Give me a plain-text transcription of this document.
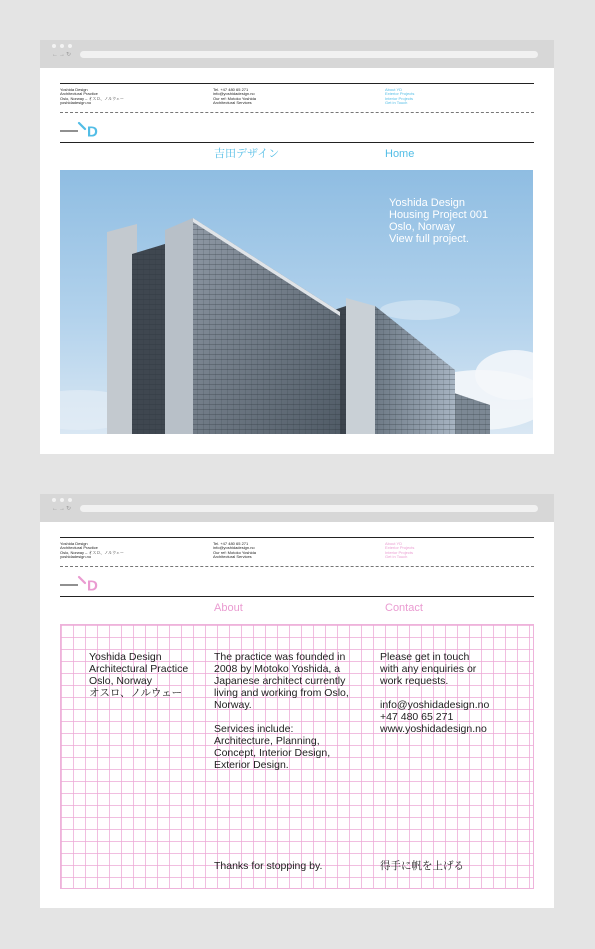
←→↻
Yoshida Design
Architectural Practice
Oslo, Norway – オスロ、ノルウェー
yoshidadesign.no
Tel. +47 480 65 271
info@yoshidadesign.no
Our ref: Motoko Yoshida
Architectural Services
About YD
Exterior Projects
Interior Projects
Get in Touch
D
吉田デザイン	Home
Yoshida Design
Housing Project 001
Oslo, Norway
View full project.
←→↻
Yoshida Design
Architectural Practice
Oslo, Norway – オスロ、ノルウェー
yoshidadesign.no
Tel. +47 480 65 271
info@yoshidadesign.no
Our ref: Motoko Yoshida
Architectural Services
About YD
Exterior Projects
Interior Projects
Get in Touch
D
About	Contact
Yoshida Design
Architectural Practice
Oslo, Norway
オスロ、ノルウェー
The practice was founded in
2008 by Motoko Yoshida, a
Japanese architect currently
living and working from Oslo,
Norway.
Services include:
Architecture, Planning,
Concept, Interior Design,
Exterior Design.
Please get in touch
with any enquiries or
work requests.
info@yoshidadesign.no
+47 480 65 271
www.yoshidadesign.no
Thanks for stopping by.	得手に帆を上げる
